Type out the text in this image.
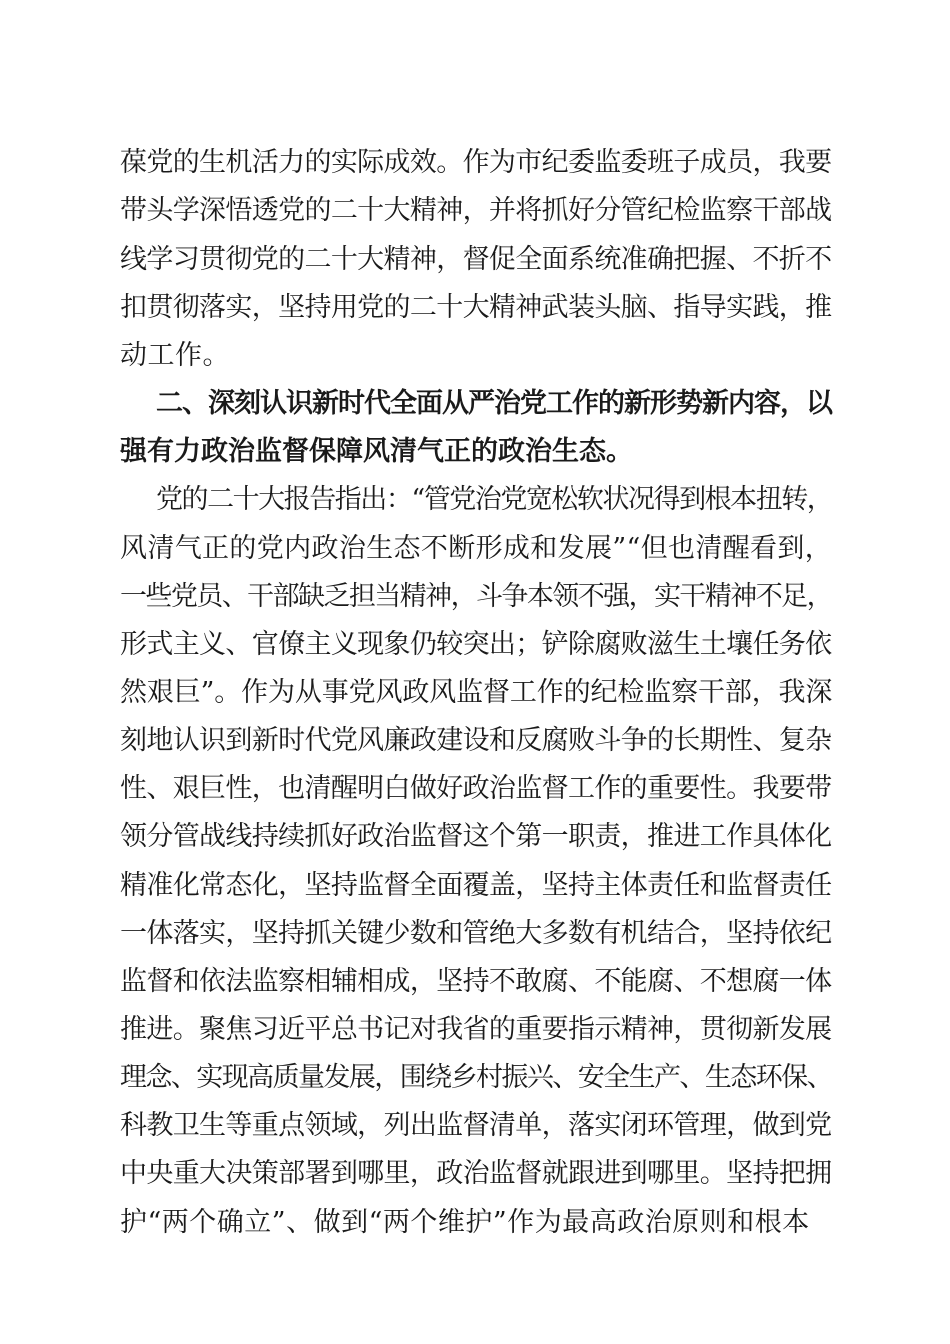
葆党的生机活力的实际成效。作为市纪委监委班子成员，我要
带头学深悟透党的二十大精神，并将抓好分管纪检监察干部战
线学习贯彻党的二十大精神，督促全面系统准确把握、不折不
扣贯彻落实，坚持用党的二十大精神武装头脑、指导实践，推
动工作。
二、深刻认识新时代全面从严治党工作的新形势新内容，以
强有力政治监督保障风清气正的政治生态。
党的二十大报告指出：“管党治党宽松软状况得到根本扭转，
风清气正的党内政治生态不断形成和发展”“但也清醒看到，
一些党员、干部缺乏担当精神，斗争本领不强，实干精神不足，
形式主义、官僚主义现象仍较突出；铲除腐败滋生土壤任务依
然艰巨”。作为从事党风政风监督工作的纪检监察干部，我深
刻地认识到新时代党风廉政建设和反腐败斗争的长期性、复杂
性、艰巨性，也清醒明白做好政治监督工作的重要性。我要带
领分管战线持续抓好政治监督这个第一职责，推进工作具体化
精准化常态化，坚持监督全面覆盖，坚持主体责任和监督责任
一体落实，坚持抓关键少数和管绝大多数有机结合，坚持依纪
监督和依法监察相辅相成，坚持不敢腐、不能腐、不想腐一体
推进。聚焦习近平总书记对我省的重要指示精神，贯彻新发展
理念、实现高质量发展，围绕乡村振兴、安全生产、生态环保、
科教卫生等重点领域，列出监督清单，落实闭环管理，做到党
中央重大决策部署到哪里，政治监督就跟进到哪里。坚持把拥
护“两个确立”、做到“两个维护”作为最高政治原则和根本
